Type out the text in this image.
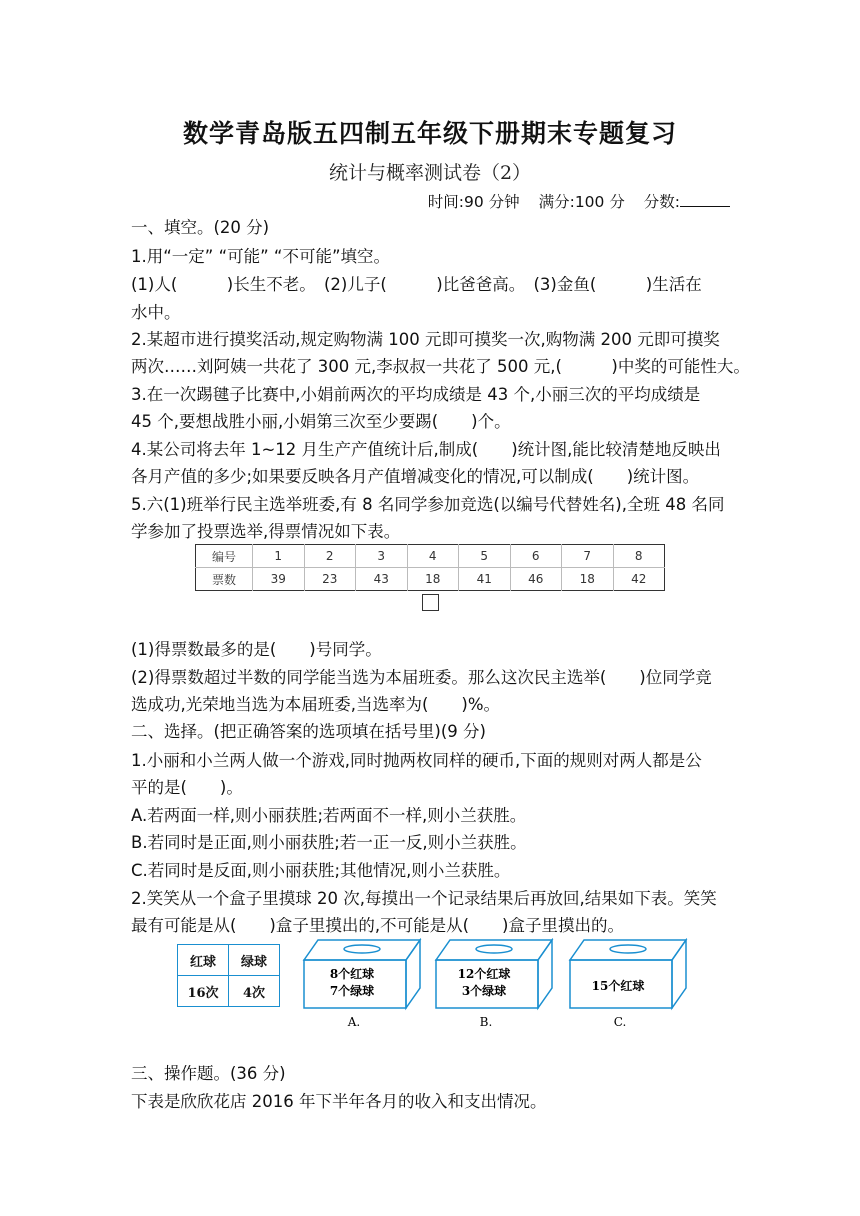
数学青岛版五四制五年级下册期末专题复习
统计与概率测试卷（2）
时间:90 分钟 满分:100 分 分数:
一、填空。(20 分)
1.用“一定” “可能” “不可能”填空。
(1)人(　　　)长生不老。　(2)儿子(　　　)比爸爸高。　(3)金鱼(　　　)生活在
水中。
2.某超市进行摸奖活动,规定购物满 100 元即可摸奖一次,购物满 200 元即可摸奖
两次……刘阿姨一共花了 300 元,李叔叔一共花了 500 元,(　　　)中奖的可能性大。
3.在一次踢毽子比赛中,小娟前两次的平均成绩是 43 个,小丽三次的平均成绩是
45 个,要想战胜小丽,小娟第三次至少要踢(　　)个。
4.某公司将去年 1~12 月生产产值统计后,制成(　　)统计图,能比较清楚地反映出
各月产值的多少;如果要反映各月产值增减变化的情况,可以制成(　　)统计图。
5.六(1)班举行民主选举班委,有 8 名同学参加竞选(以编号代替姓名),全班 48 名同
学参加了投票选举,得票情况如下表。
编号	1	2	3	4	5	6	7	8
票数	39	23	43	18	41	46	18	42
(1)得票数最多的是(　　)号同学。
(2)得票数超过半数的同学能当选为本届班委。那么这次民主选举(　　)位同学竞
选成功,光荣地当选为本届班委,当选率为(　　)%。
二、选择。(把正确答案的选项填在括号里)(9 分)
1.小丽和小兰两人做一个游戏,同时抛两枚同样的硬币,下面的规则对两人都是公
平的是(　　)。
A.若两面一样,则小丽获胜;若两面不一样,则小兰获胜。
B.若同时是正面,则小丽获胜;若一正一反,则小兰获胜。
C.若同时是反面,则小丽获胜;其他情况,则小兰获胜。
2.笑笑从一个盒子里摸球 20 次,每摸出一个记录结果后再放回,结果如下表。笑笑
最有可能是从(　　)盒子里摸出的,不可能是从(　　)盒子里摸出的。
红球	绿球
16次	4次
8个红球
7个绿球
A.
12个红球
3个绿球
B.
15个红球
C.
三、操作题。(36 分)
下表是欣欣花店 2016 年下半年各月的收入和支出情况。
